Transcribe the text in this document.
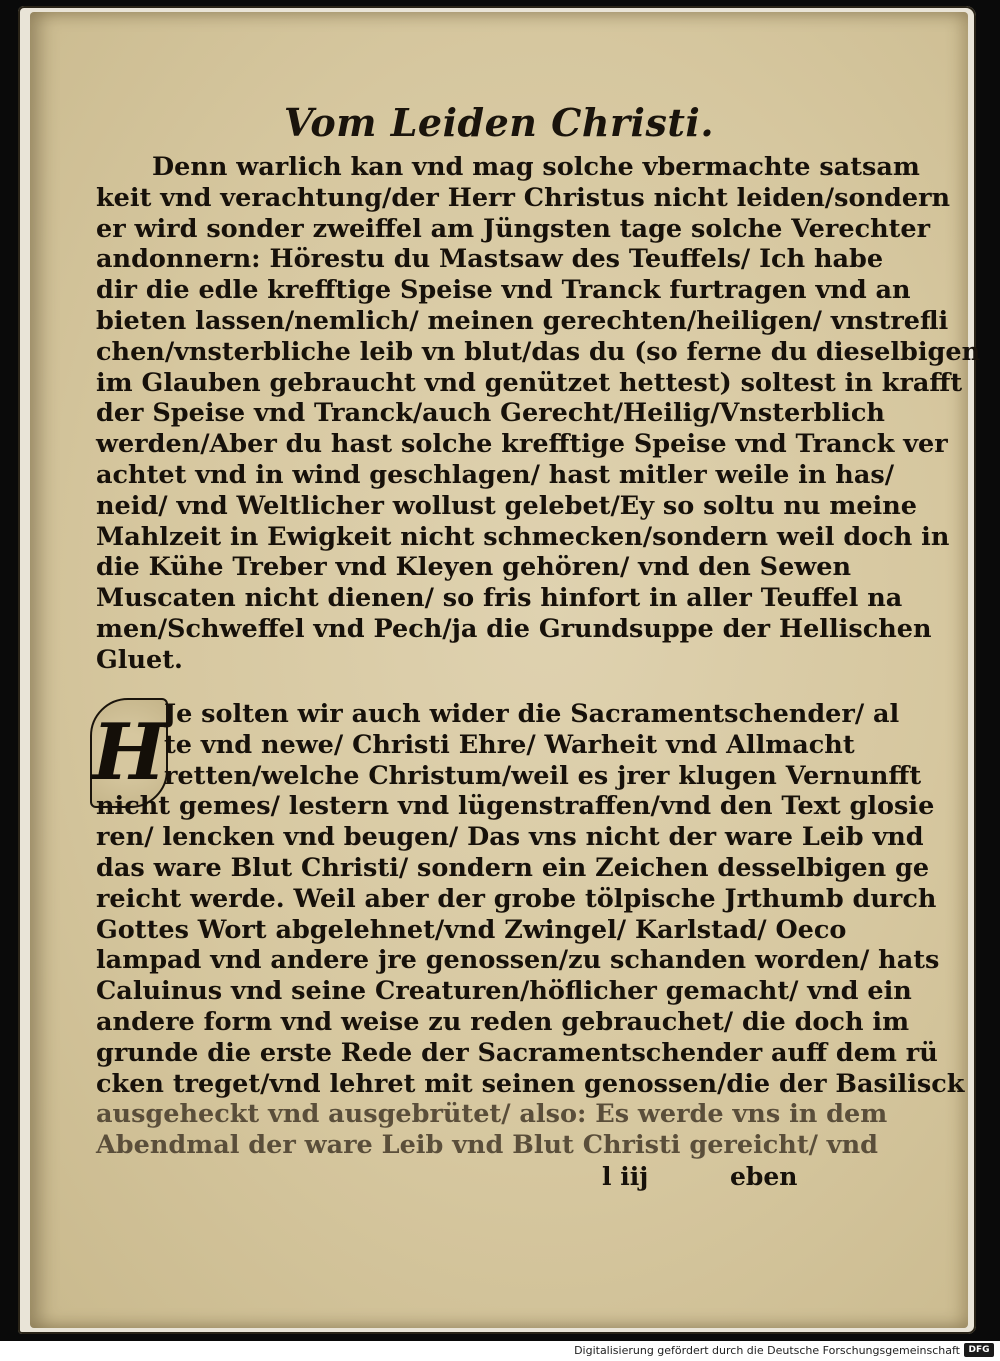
Vom Leiden Christi.
Denn warlich kan vnd mag solche vbermachte satsam
keit vnd verachtung/der Herr Christus nicht leiden/sondern
er wird sonder zweiffel am Jüngsten tage solche Verechter
andonnern: Hörestu du Mastsaw des Teuffels/ Ich habe
dir die edle krefftige Speise vnd Tranck furtragen vnd an
bieten lassen/nemlich/ meinen gerechten/heiligen/ vnstrefli
chen/vnsterbliche leib vn blut/das du (so ferne du dieselbigen
im Glauben gebraucht vnd genützet hettest) soltest in krafft
der Speise vnd Tranck/auch Gerecht/Heilig/Vnsterblich
werden/Aber du hast solche krefftige Speise vnd Tranck ver
achtet vnd in wind geschlagen/ hast mitler weile in has/
neid/ vnd Weltlicher wollust gelebet/Ey so soltu nu meine
Mahlzeit in Ewigkeit nicht schmecken/sondern weil doch in
die Kühe Treber vnd Kleyen gehören/ vnd den Sewen
Muscaten nicht dienen/ so fris hinfort in aller Teuffel na
men/Schweffel vnd Pech/ja die Grundsuppe der Hellischen
Gluet.
H
Je solten wir auch wider die Sacramentschender/ al
te vnd newe/ Christi Ehre/ Warheit vnd Allmacht
retten/welche Christum/weil es jrer klugen Vernunfft
nicht gemes/ lestern vnd lügenstraffen/vnd den Text glosie
ren/ lencken vnd beugen/ Das vns nicht der ware Leib vnd
das ware Blut Christi/ sondern ein Zeichen desselbigen ge
reicht werde. Weil aber der grobe tölpische Jrthumb durch
Gottes Wort abgelehnet/vnd Zwingel/ Karlstad/ Oeco
lampad vnd andere jre genossen/zu schanden worden/ hats
Caluinus vnd seine Creaturen/höflicher gemacht/ vnd ein
andere form vnd weise zu reden gebrauchet/ die doch im
grunde die erste Rede der Sacramentschender auff dem rü
cken treget/vnd lehret mit seinen genossen/die der Basilisck
ausgeheckt vnd ausgebrütet/ also: Es werde vns in dem
Abendmal der ware Leib vnd Blut Christi gereicht/ vnd
l iij	eben
Digitalisierung gefördert durch die Deutsche Forschungsgemeinschaft DFG
